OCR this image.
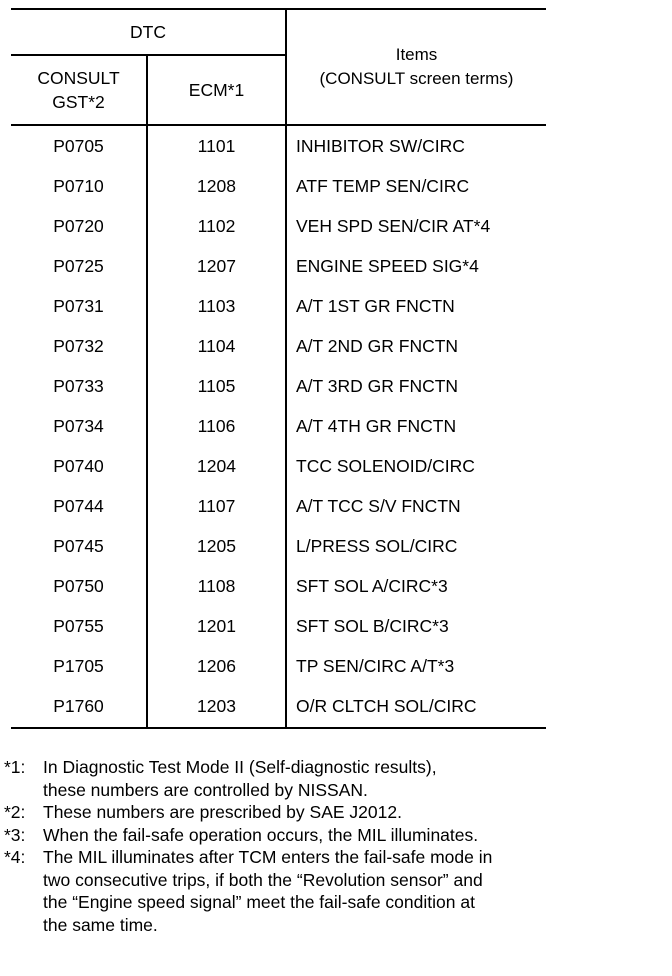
DTC		Items
(CONSULT screen terms)
CONSULT
GST*2	ECM*1	
P0705	1101	INHIBITOR SW/CIRC
P0710	1208	ATF TEMP SEN/CIRC
P0720	1102	VEH SPD SEN/CIR AT*4
P0725	1207	ENGINE SPEED SIG*4
P0731	1103	A/T 1ST GR FNCTN
P0732	1104	A/T 2ND GR FNCTN
P0733	1105	A/T 3RD GR FNCTN
P0734	1106	A/T 4TH GR FNCTN
P0740	1204	TCC SOLENOID/CIRC
P0744	1107	A/T TCC S/V FNCTN
P0745	1205	L/PRESS SOL/CIRC
P0750	1108	SFT SOL A/CIRC*3
P0755	1201	SFT SOL B/CIRC*3
P1705	1206	TP SEN/CIRC A/T*3
P1760	1203	O/R CLTCH SOL/CIRC
*1:	In Diagnostic Test Mode II (Self-diagnostic results),
these numbers are controlled by NISSAN.
*2:	These numbers are prescribed by SAE J2012.
*3:	When the fail-safe operation occurs, the MIL illuminates.
*4:	The MIL illuminates after TCM enters the fail-safe mode in
two consecutive trips, if both the “Revolution sensor” and
the “Engine speed signal” meet the fail-safe condition at
the same time.
